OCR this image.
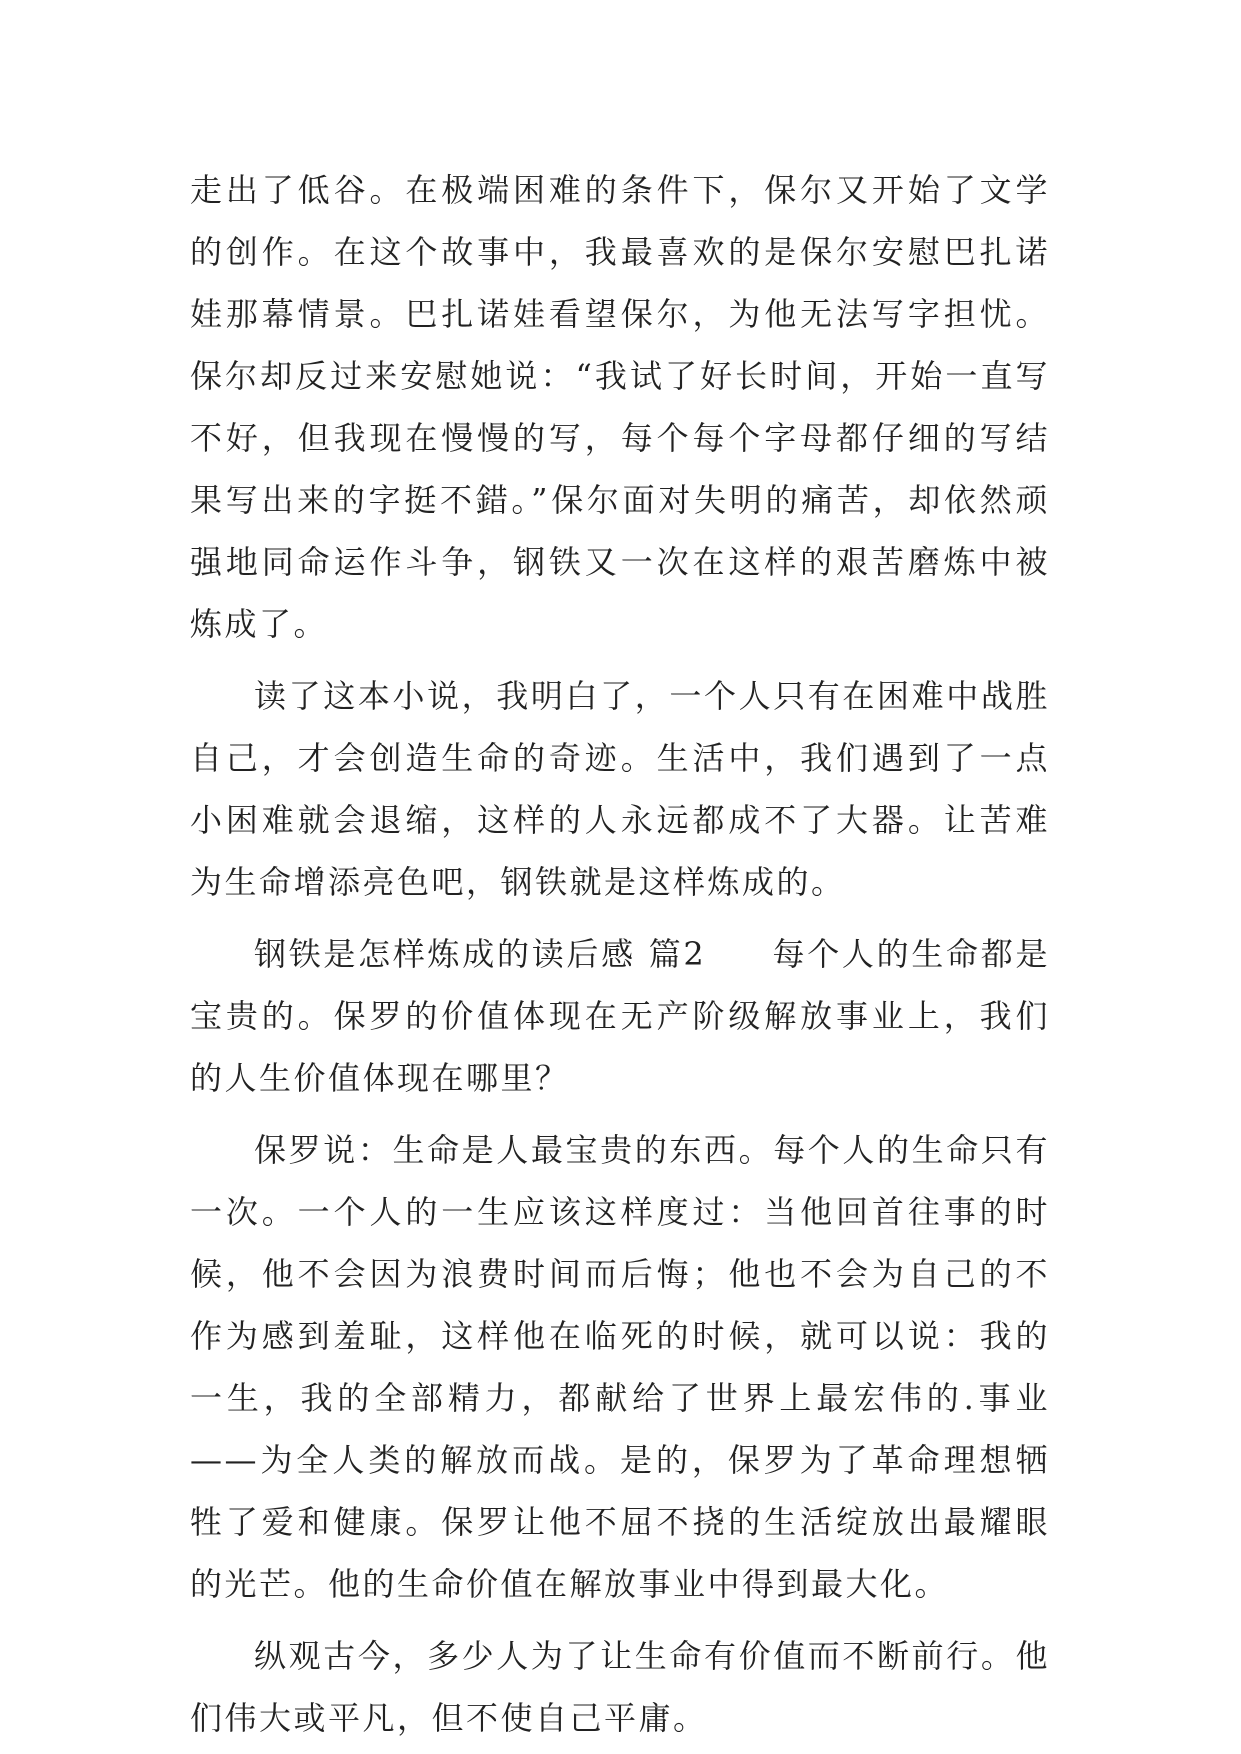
走出了低谷。在极端困难的条件下，保尔又开始了文学的创作。在这个故事中，我最喜欢的是保尔安慰巴扎诺娃那幕情景。巴扎诺娃看望保尔，为他无法写字担忧。保尔却反过来安慰她说：“我试了好长时间，开始一直写不好，但我现在慢慢的写，每个每个字母都仔细的写结果写出来的字挺不錯。”保尔面对失明的痛苦，却依然顽强地同命运作斗争，钢铁又一次在这样的艰苦磨炼中被炼成了。

读了这本小说，我明白了，一个人只有在困难中战胜自己，才会创造生命的奇迹。生活中，我们遇到了一点小困难就会退缩，这样的人永远都成不了大器。让苦难为生命增添亮色吧，钢铁就是这样炼成的。

钢铁是怎样炼成的读后感 篇2 每个人的生命都是宝贵的。保罗的价值体现在无产阶级解放事业上，我们的人生价值体现在哪里？

保罗说：生命是人最宝贵的东西。每个人的生命只有一次。一个人的一生应该这样度过：当他回首往事的时候，他不会因为浪费时间而后悔；他也不会为自己的不作为感到羞耻，这样他在临死的时候，就可以说：我的一生，我的全部精力，都献给了世界上最宏伟的.事业——为全人类的解放而战。是的，保罗为了革命理想牺牲了爱和健康。保罗让他不屈不挠的生活绽放出最耀眼的光芒。他的生命价值在解放事业中得到最大化。

纵观古今，多少人为了让生命有价值而不断前行。他们伟大或平凡，但不使自己平庸。
